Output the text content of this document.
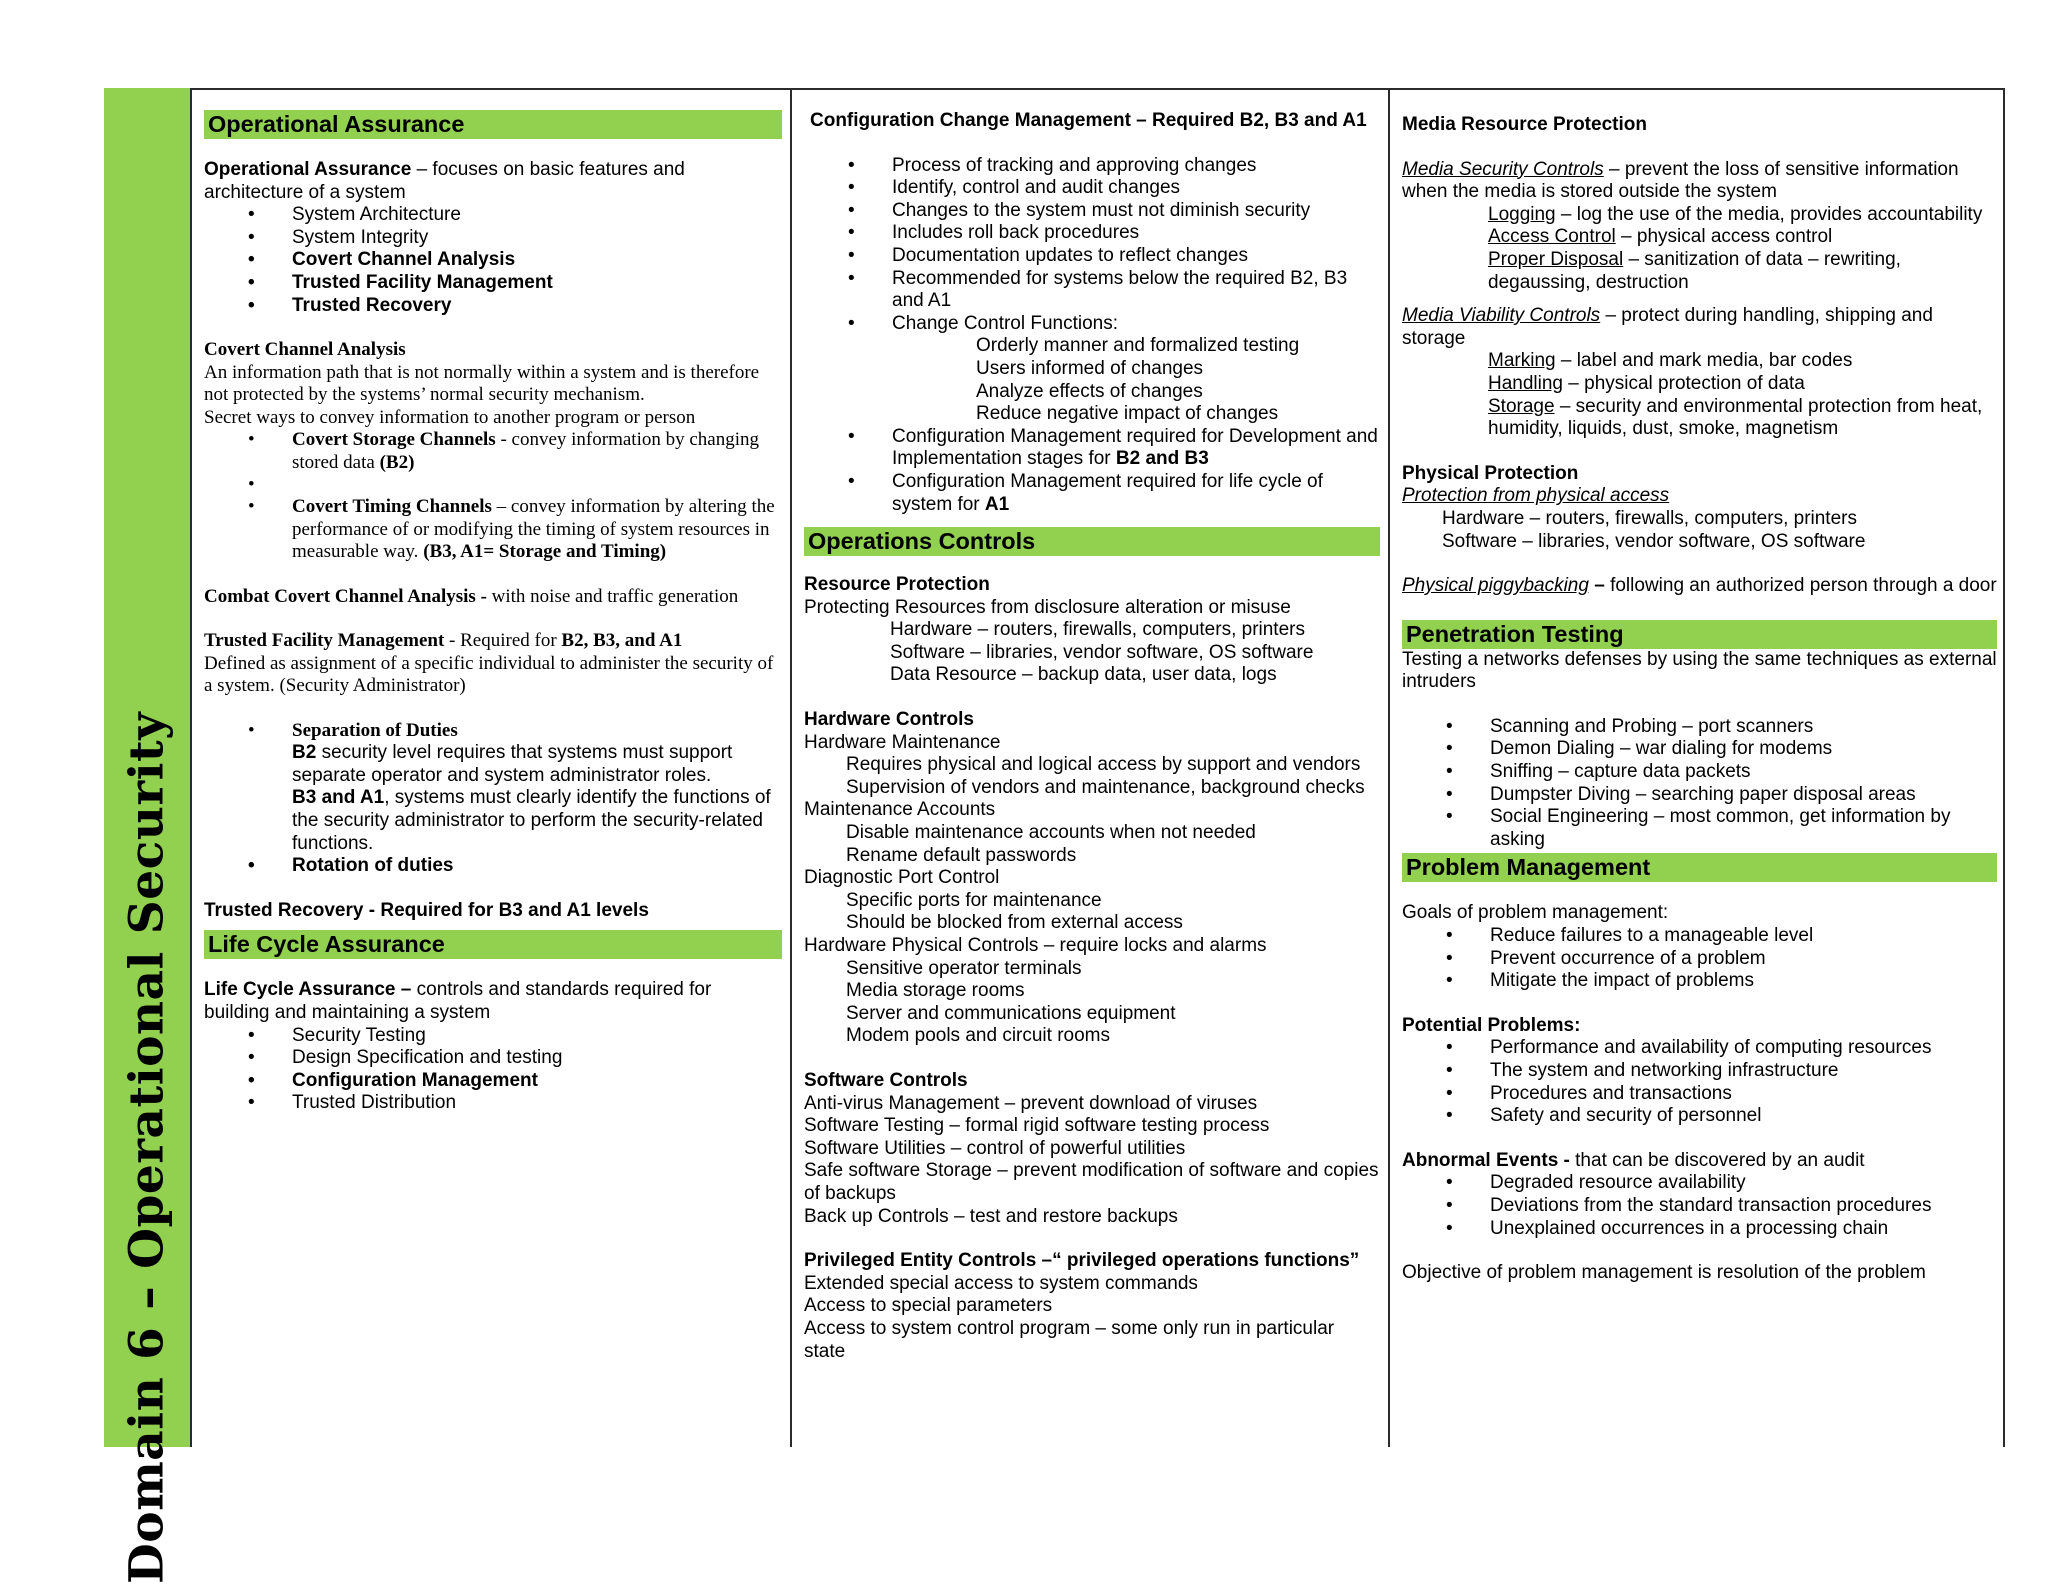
Domain 6 – Operational Security
Operational Assurance

Operational Assurance – focuses on basic features and architecture of a system

• System Architecture
• System Integrity
• Covert Channel Analysis
• Trusted Facility Management
• Trusted Recovery

Covert Channel Analysis

An information path that is not normally within a system and is therefore not protected by the systems’ normal security mechanism.

Secret ways to convey information to another program or person

• Covert Storage Channels - convey information by changing stored data (B2)
•
• Covert Timing Channels – convey information by altering the performance of or modifying the timing of system resources in measurable way. (B3, A1= Storage and Timing)

Combat Covert Channel Analysis - with noise and traffic generation

Trusted Facility Management - Required for B2, B3, and A1

Defined as assignment of a specific individual to administer the security of a system. (Security Administrator)

• Separation of Duties

B2 security level requires that systems must support separate operator and system administrator roles.

B3 and A1, systems must clearly identify the functions of the security administrator to perform the security-related functions.

• Rotation of duties

Trusted Recovery - Required for B3 and A1 levels

Life Cycle Assurance

Life Cycle Assurance – controls and standards required for building and maintaining a system

• Security Testing
• Design Specification and testing
• Configuration Management
• Trusted Distribution

Configuration Change Management – Required B2, B3 and A1

• Process of tracking and approving changes
• Identify, control and audit changes
• Changes to the system must not diminish security
• Includes roll back procedures
• Documentation updates to reflect changes
• Recommended for systems below the required B2, B3 and A1
• Change Control Functions:

Orderly manner and formalized testing

Users informed of changes

Analyze effects of changes

Reduce negative impact of changes

• Configuration Management required for Development and Implementation stages for B2 and B3
• Configuration Management required for life cycle of system for A1
Operations Controls

Resource Protection

Protecting Resources from disclosure alteration or misuse

Hardware – routers, firewalls, computers, printers

Software – libraries, vendor software, OS software

Data Resource – backup data, user data, logs

Hardware Controls

Hardware Maintenance

Requires physical and logical access by support and vendors

Supervision of vendors and maintenance, background checks

Maintenance Accounts

Disable maintenance accounts when not needed

Rename default passwords

Diagnostic Port Control

Specific ports for maintenance

Should be blocked from external access

Hardware Physical Controls – require locks and alarms

Sensitive operator terminals

Media storage rooms

Server and communications equipment

Modem pools and circuit rooms

Software Controls

Anti-virus Management – prevent download of viruses

Software Testing – formal rigid software testing process

Software Utilities – control of powerful utilities

Safe software Storage – prevent modification of software and copies of backups

Back up Controls – test and restore backups

Privileged Entity Controls –“ privileged operations functions”

Extended special access to system commands

Access to special parameters

Access to system control program – some only run in particular state

Media Resource Protection

Media Security Controls – prevent the loss of sensitive information when the media is stored outside the system

Logging – log the use of the media, provides accountability

Access Control – physical access control

Proper Disposal – sanitization of data – rewriting, degaussing, destruction

Media Viability Controls – protect during handling, shipping and storage

Marking – label and mark media, bar codes

Handling – physical protection of data

Storage – security and environmental protection from heat, humidity, liquids, dust, smoke, magnetism

Physical Protection

Protection from physical access

Hardware – routers, firewalls, computers, printers

Software – libraries, vendor software, OS software

Physical piggybacking – following an authorized person through a door

Penetration Testing

Testing a networks defenses by using the same techniques as external intruders

• Scanning and Probing – port scanners
• Demon Dialing – war dialing for modems
• Sniffing – capture data packets
• Dumpster Diving – searching paper disposal areas
• Social Engineering – most common, get information by asking
Problem Management

Goals of problem management:

• Reduce failures to a manageable level
• Prevent occurrence of a problem
• Mitigate the impact of problems

Potential Problems:

• Performance and availability of computing resources
• The system and networking infrastructure
• Procedures and transactions
• Safety and security of personnel

Abnormal Events - that can be discovered by an audit

• Degraded resource availability
• Deviations from the standard transaction procedures
• Unexplained occurrences in a processing chain

Objective of problem management is resolution of the problem
